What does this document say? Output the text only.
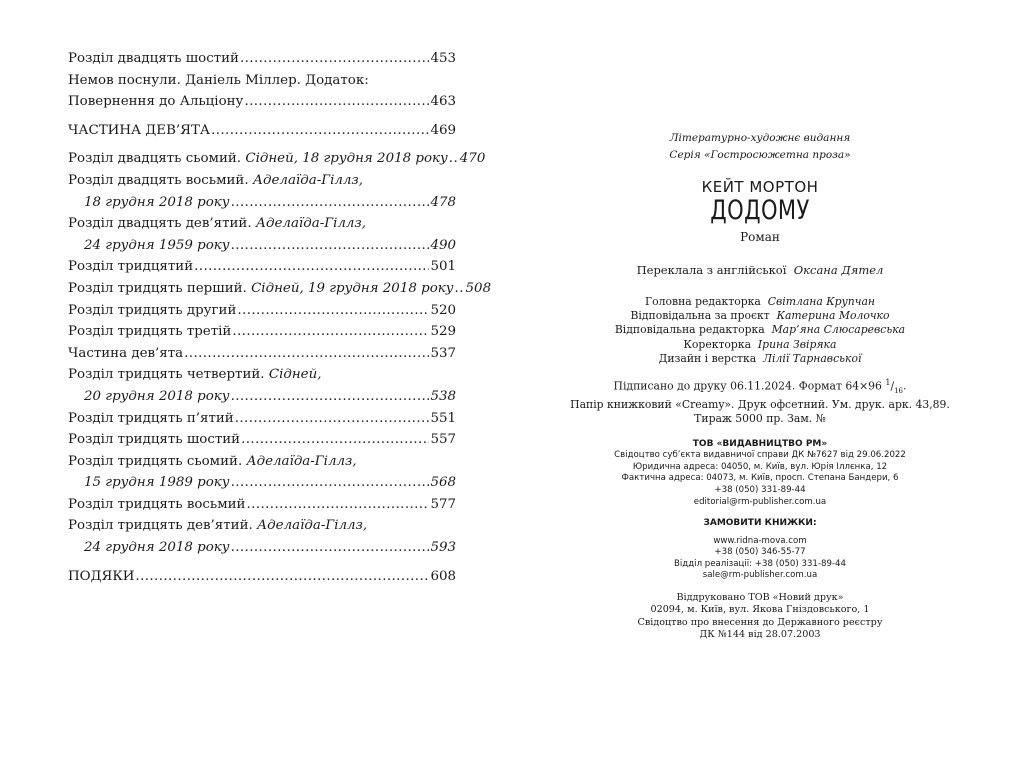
Розділ двадцять шостий .....	453
Немов поснули. Даніель Міллер. Додаток:
Повернення до Альціону .....	463
ЧАСТИНА ДЕВ’ЯТА .....	469
Розділ двадцять сьомий. Сідней, 18 грудня 2018 року ..... 470
Розділ двадцять восьмий. Аделаїда-Гіллз,
18 грудня 2018 року .....	478
Розділ двадцять дев’ятий. Аделаїда-Гіллз,
24 грудня 1959 року .....	490
Розділ тридцятий .....	501
Розділ тридцять перший. Сідней, 19 грудня 2018 року ..... 508
Розділ тридцять другий .....	520
Розділ тридцять третій .....	529
Частина дев’ята .....	537
Розділ тридцять четвертий. Сідней,
20 грудня 2018 року .....	538
Розділ тридцять п’ятий .....	551
Розділ тридцять шостий .....	557
Розділ тридцять сьомий. Аделаїда-Гіллз,
15 грудня 1989 року .....	568
Розділ тридцять восьмий .....	577
Розділ тридцять дев’ятий. Аделаїда-Гіллз,
24 грудня 2018 року .....	593
ПОДЯКИ .....	608
Літературно-художнє видання
Серія «Гостросюжетна проза»
КЕЙТ МОРТОН
ДОДОМУ
Роман
Переклала з англійської Оксана Дятел
Головна редакторка Світлана Крупчан
Відповідальна за проєкт Катерина Молочко
Відповідальна редакторка Мар’яна Слюсаревська
Коректорка Ірина Звіряка
Дизайн і верстка Лілії Тарнавської
Підписано до друку 06.11.2024. Формат 64×96 $^1/_{16}$.
Папір книжковий «Creamy». Друк офсетний. Ум. друк. арк. 43,89.
Тираж 5000 пр. Зам. №
ТОВ «ВИДАВНИЦТВО РМ»
Свідоцтво суб’єкта видавничої справи ДК №7627 від 29.06.2022
Юридична адреса: 04050, м. Київ, вул. Юрія Іллєнка, 12
Фактична адреса: 04073, м. Київ, просп. Степана Бандери, 6
+38 (050) 331-89-44
editorial@rm-publisher.com.ua
ЗАМОВИТИ КНИЖКИ:
www.ridna-mova.com
+38 (050) 346-55-77
Відділ реалізації: +38 (050) 331-89-44
sale@rm-publisher.com.ua
Віддруковано ТОВ «Новий друк»
02094, м. Київ, вул. Якова Гніздовського, 1
Свідоцтво про внесення до Державного реєстру
ДК №144 від 28.07.2003
